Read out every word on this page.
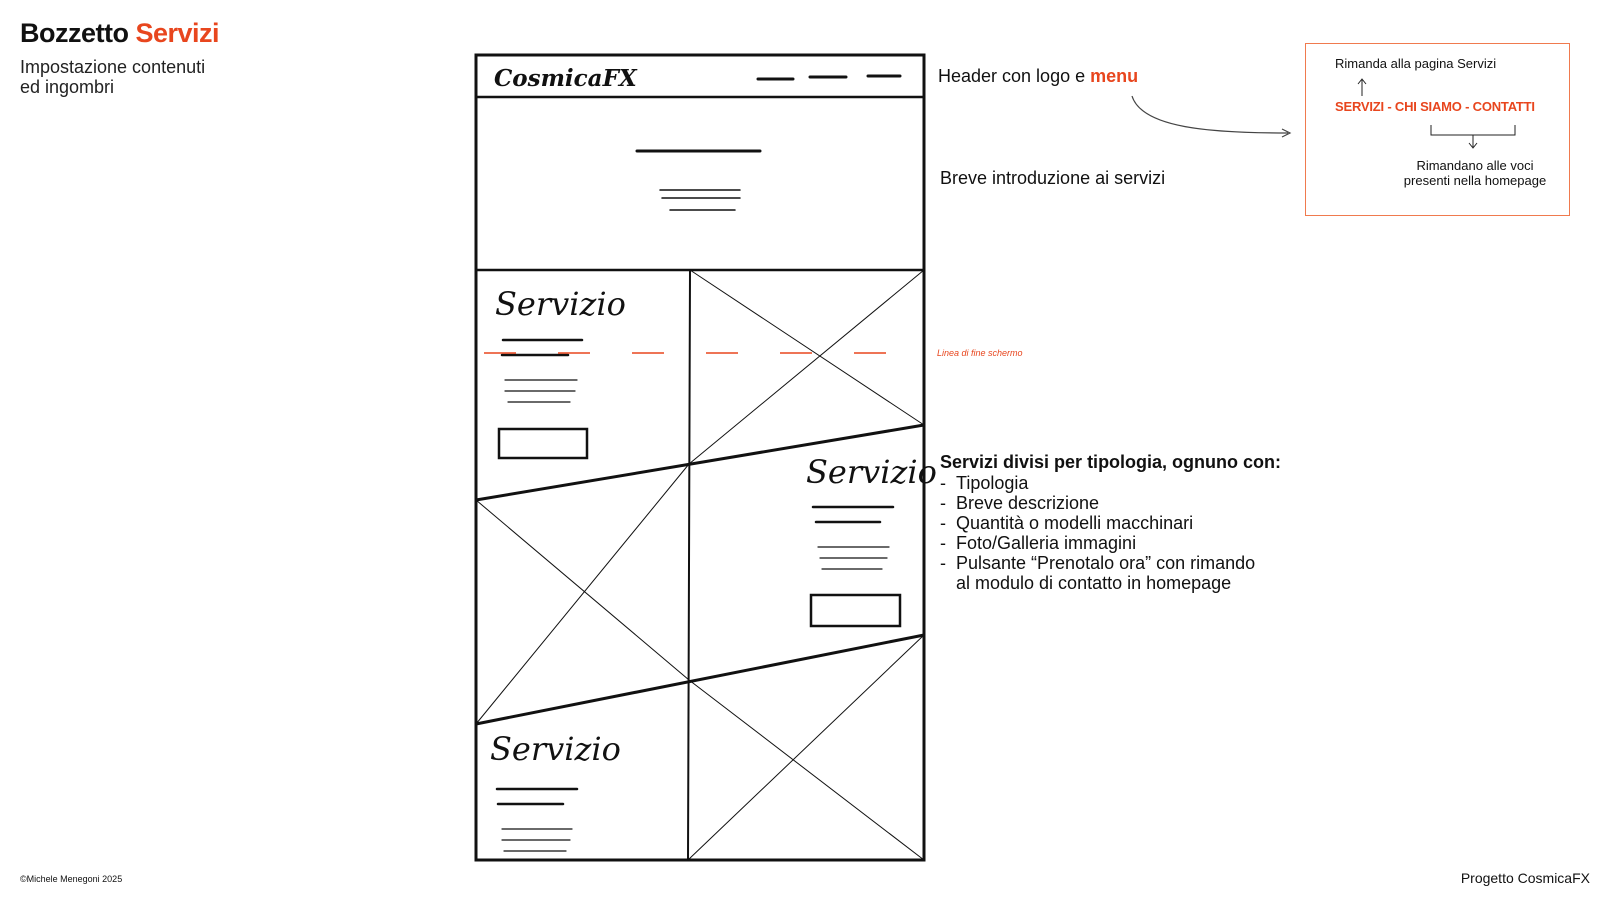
Bozzetto Servizi
Impostazione contenuti
ed ingombri	CosmicaFX
Servizio
Servizio
Servizio
Header con logo e menu
Breve introduzione ai servizi
Linea di fine schermo
Rimanda alla pagina Servizi
SERVIZI - CHI SIAMO - CONTATTI
Rimandano alle voci presenti nella homepage
Servizi divisi per tipologia, ognuno con:
- Tipologia
- Breve descrizione
- Quantità o modelli macchinari
- Foto/Galleria immagini
- Pulsante “Prenotalo ora” con rimando
al modulo di contatto in homepage
©Michele Menegoni 2025	Progetto CosmicaFX
